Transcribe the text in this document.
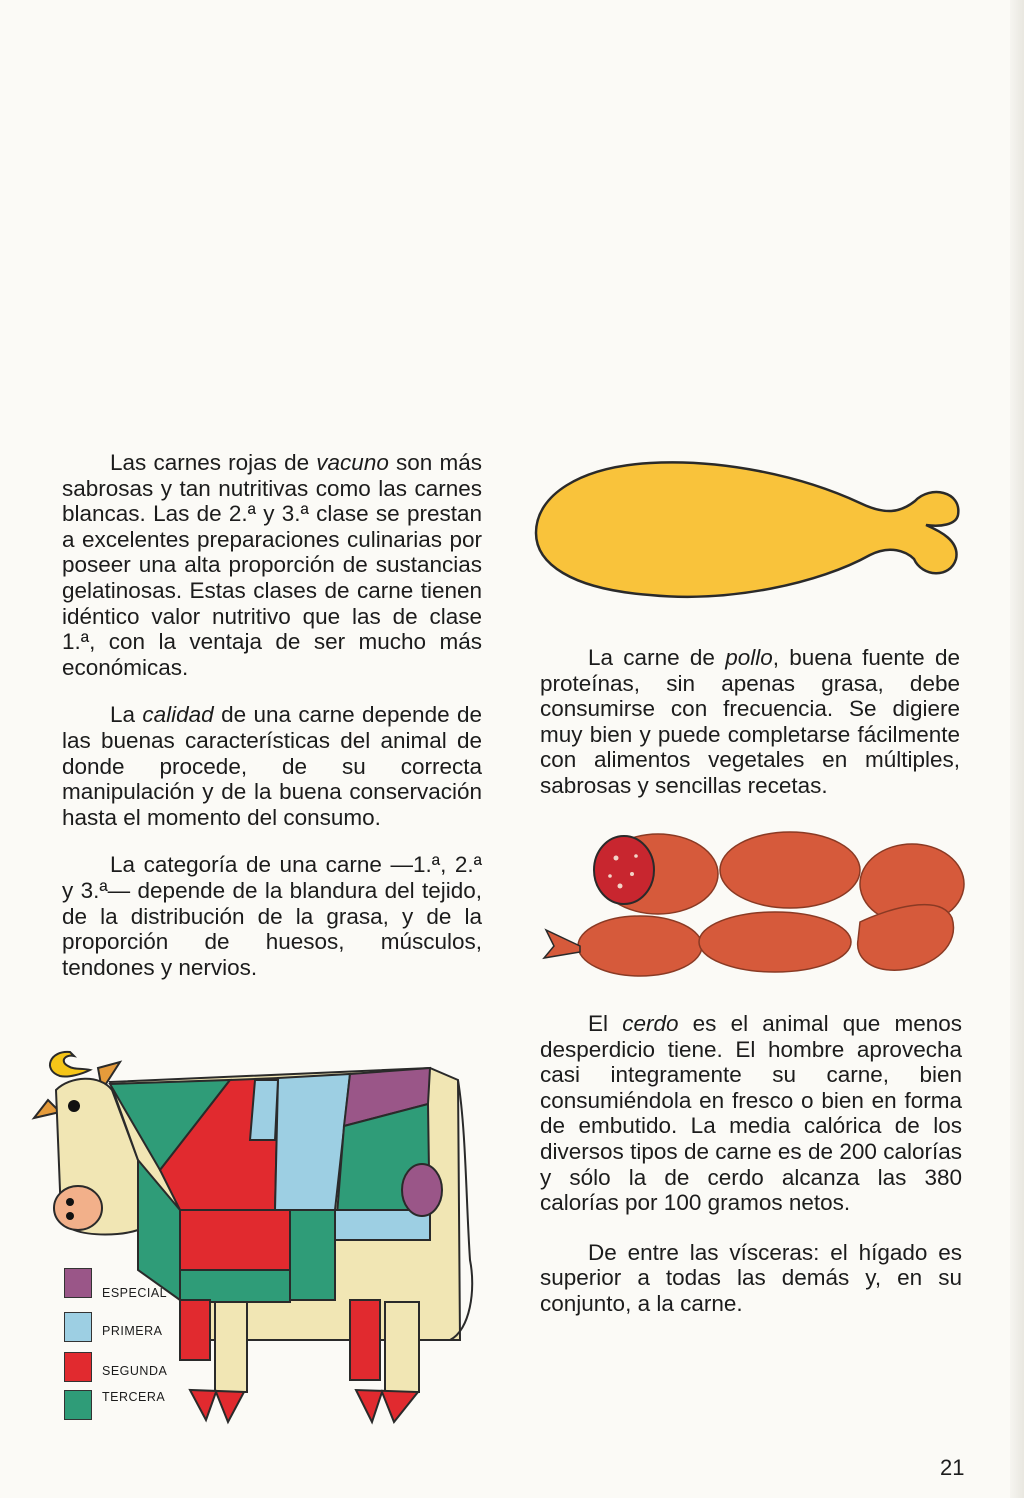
Las carnes rojas de vacuno son más sabrosas y tan nutritivas como las carnes blancas. Las de 2.ª y 3.ª clase se prestan a excelentes preparaciones culinarias por poseer una alta proporción de sustancias gelatinosas. Estas clases de carne tienen idéntico valor nutritivo que las de clase 1.ª, con la ventaja de ser mucho más económicas.

La calidad de una carne depende de las buenas características del animal de donde procede, de su correcta manipulación y de la buena conservación hasta el momento del consumo.

La categoría de una carne —1.ª, 2.ª y 3.ª— depende de la blandura del tejido, de la distribución de la grasa, y de la proporción de huesos, músculos, tendones y nervios.

La carne de pollo, buena fuente de proteínas, sin apenas grasa, debe consumirse con frecuencia. Se digiere muy bien y puede completarse fácilmente con alimentos vegetales en múltiples, sabrosas y sencillas recetas.

El cerdo es el animal que menos desperdicio tiene. El hombre aprovecha casi integramente su carne, bien consumiéndola en fresco o bien en forma de embutido. La media calórica de los diversos tipos de carne es de 200 calorías y sólo la de cerdo alcanza las 380 calorías por 100 gramos netos.

De entre las vísceras: el hígado es superior a todas las demás y, en su conjunto, a la carne.

ESPECIAL
PRIMERA
SEGUNDA
TERCERA
21
